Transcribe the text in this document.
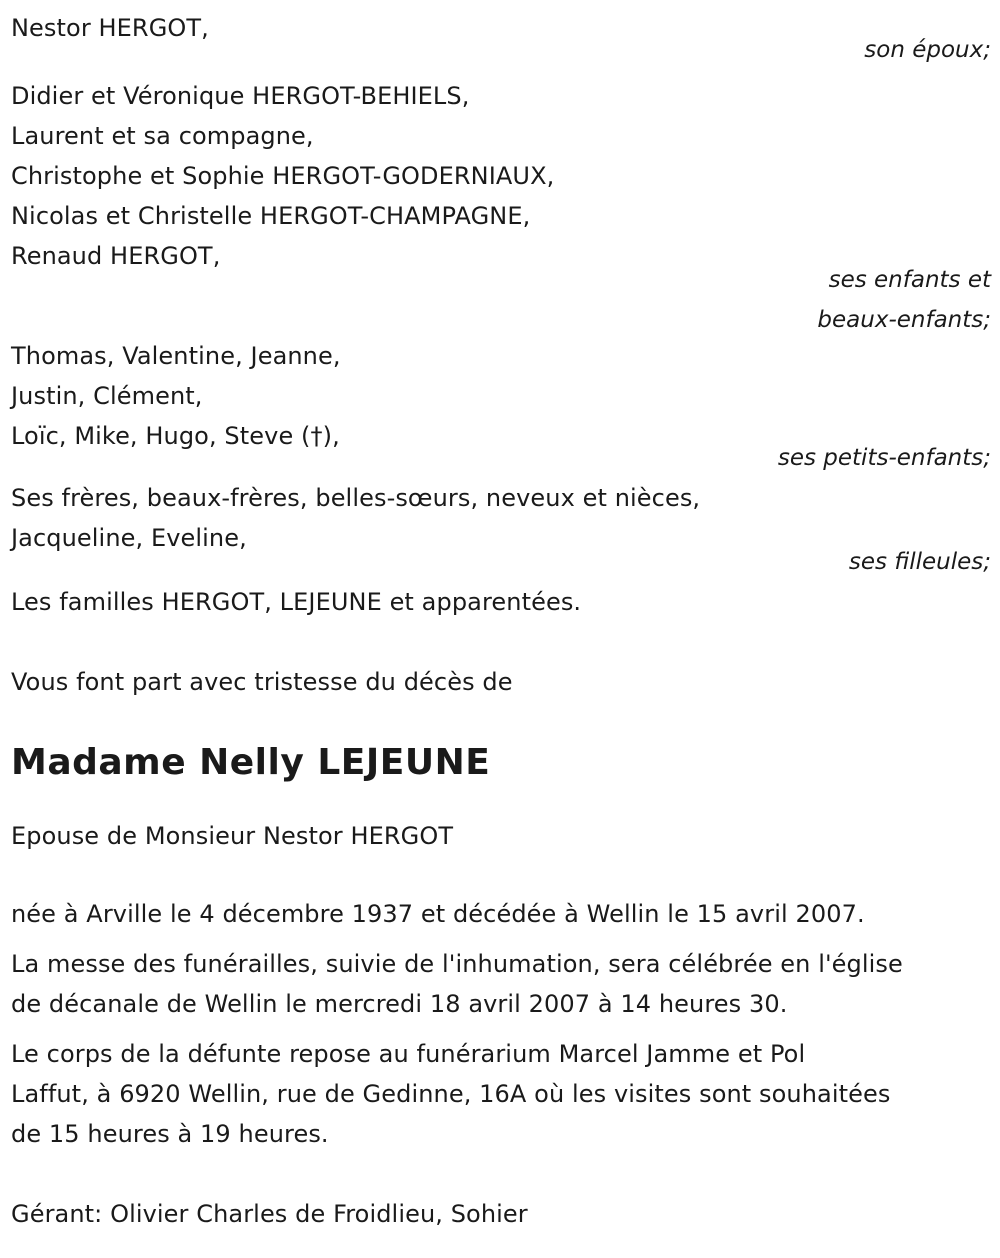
Nestor HERGOT,
son époux;
Didier et Véronique HERGOT-BEHIELS,
Laurent et sa compagne,
Christophe et Sophie HERGOT-GODERNIAUX,
Nicolas et Christelle HERGOT-CHAMPAGNE,
Renaud HERGOT,
ses enfants et
beaux-enfants;
Thomas, Valentine, Jeanne,
Justin, Clément,
Loïc, Mike, Hugo, Steve (†),
ses petits-enfants;
Ses frères, beaux-frères, belles-sœurs, neveux et nièces,
Jacqueline, Eveline,
ses filleules;
Les familles HERGOT, LEJEUNE et apparentées.
Vous font part avec tristesse du décès de
Madame Nelly LEJEUNE
Epouse de Monsieur Nestor HERGOT
née à Arville le 4 décembre 1937 et décédée à Wellin le 15 avril 2007.
La messe des funérailles, suivie de l'inhumation, sera célébrée en l'église
de décanale de Wellin le mercredi 18 avril 2007 à 14 heures 30.
Le corps de la défunte repose au funérarium Marcel Jamme et Pol
Laffut, à 6920 Wellin, rue de Gedinne, 16A où les visites sont souhaitées
de 15 heures à 19 heures.
Gérant: Olivier Charles de Froidlieu, Sohier
